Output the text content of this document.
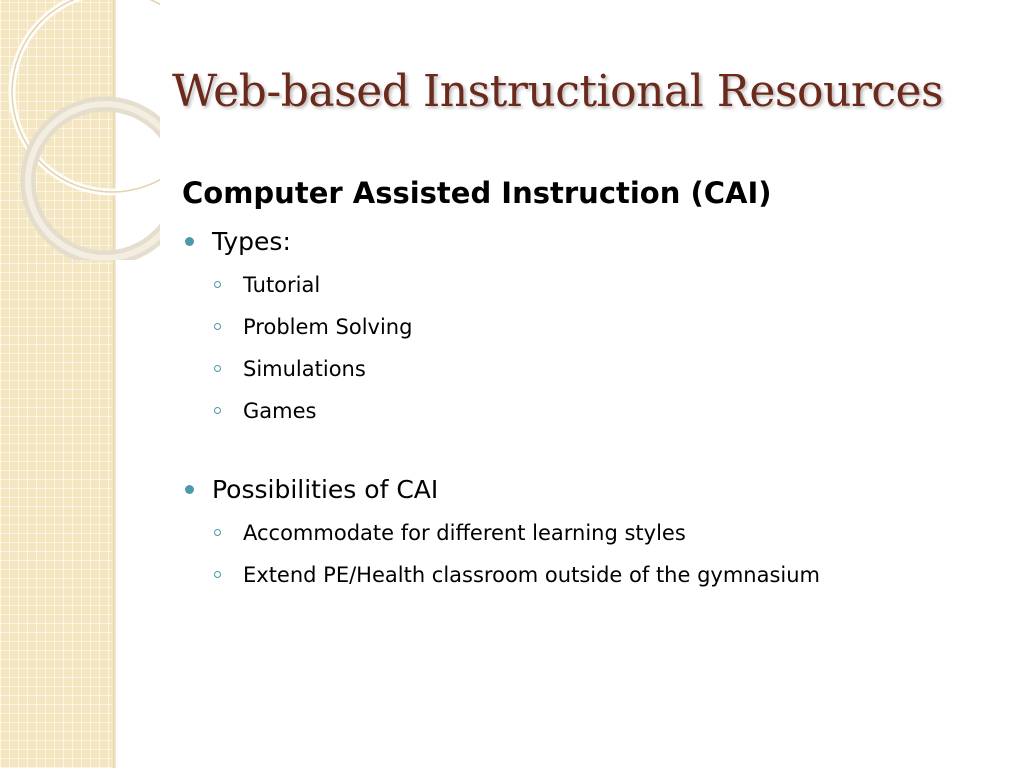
Web-based Instructional Resources

Computer Assisted Instruction (CAI)

Types:
Tutorial
Problem Solving
Simulations
Games
Possibilities of CAI
Accommodate for different learning styles
Extend PE/Health classroom outside of the gymnasium
